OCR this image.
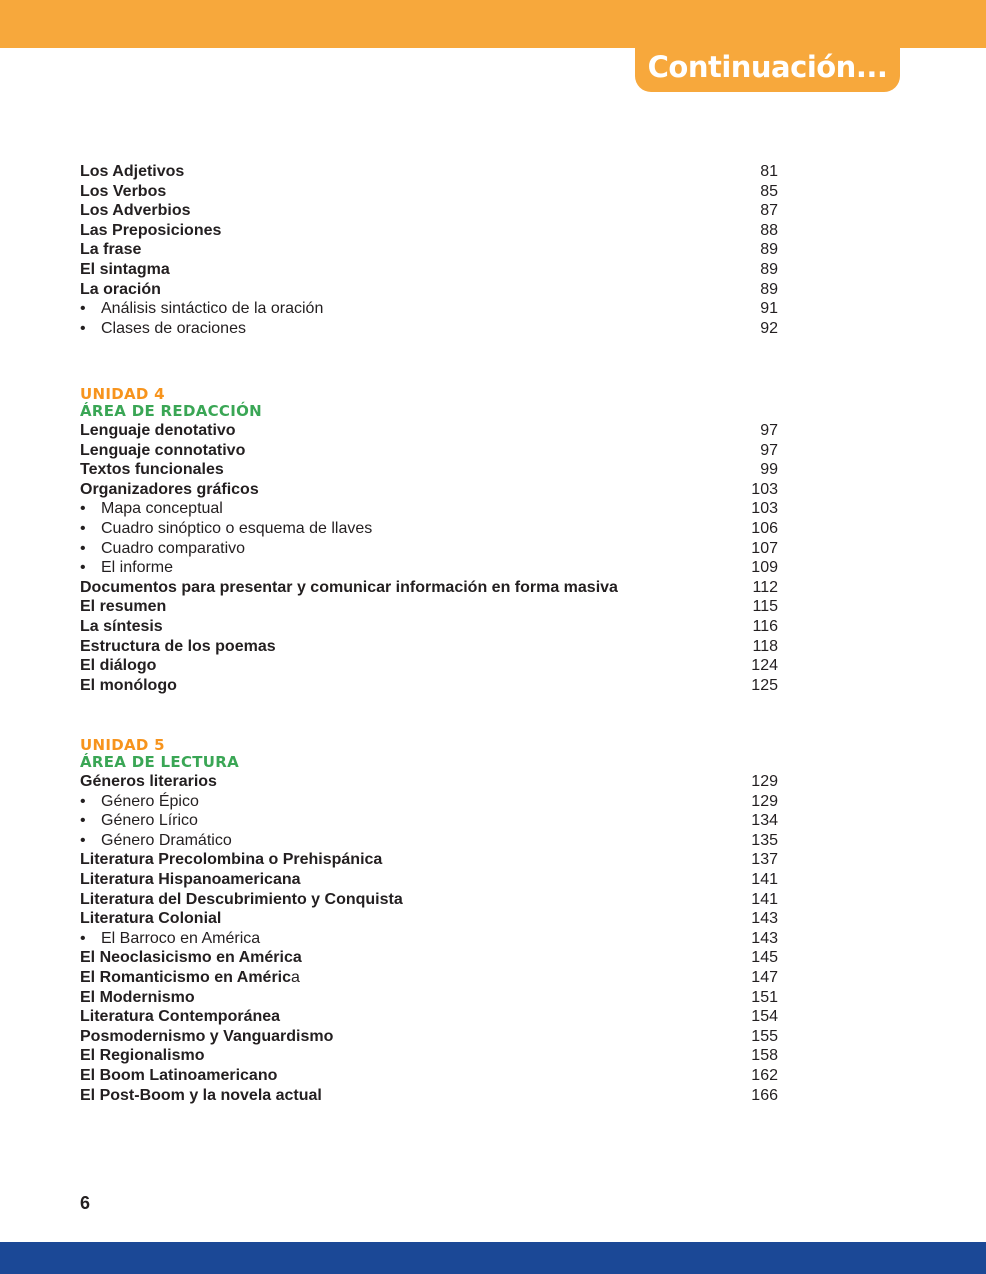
Continuación...
Los Adjetivos	81
Los Verbos	85
Los Adverbios	87
Las Preposiciones	88
La frase	89
El sintagma	89
La oración	89
• Análisis sintáctico de la oración	91
• Clases de oraciones	92
UNIDAD 4
ÁREA DE REDACCIÓN
Lenguaje denotativo	97
Lenguaje connotativo	97
Textos funcionales	99
Organizadores gráficos	103
• Mapa conceptual	103
• Cuadro sinóptico o esquema de llaves	106
• Cuadro comparativo	107
• El informe	109
Documentos para presentar y comunicar información en forma masiva	112
El resumen	115
La síntesis	116
Estructura de los poemas	118
El diálogo	124
El monólogo	125
UNIDAD 5
ÁREA DE LECTURA
Géneros literarios	129
• Género Épico	129
• Género Lírico	134
• Género Dramático	135
Literatura Precolombina o Prehispánica	137
Literatura Hispanoamericana	141
Literatura del Descubrimiento y Conquista	141
Literatura Colonial	143
• El Barroco en América	143
El Neoclasicismo en América	145
El Romanticismo en América	147
El Modernismo	151
Literatura Contemporánea	154
Posmodernismo y Vanguardismo	155
El Regionalismo	158
El Boom Latinoamericano	162
El Post-Boom y la novela actual	166
6
